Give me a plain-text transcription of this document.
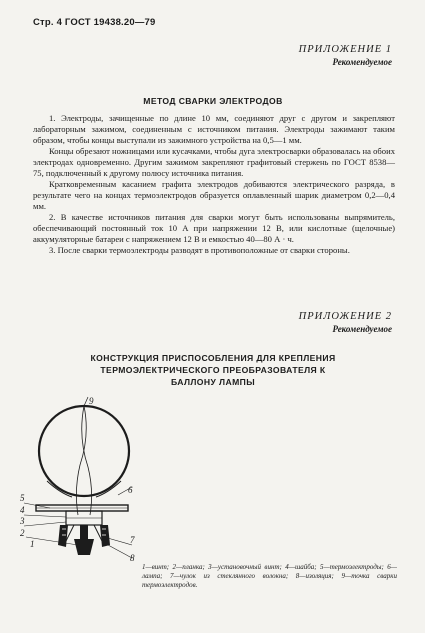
Стр. 4 ГОСТ 19438.20—79
ПРИЛОЖЕНИЕ 1
Рекомендуемое
МЕТОД СВАРКИ ЭЛЕКТРОДОВ

1. Электроды, зачищенные по длине 10 мм, соединяют друг с другом и закрепляют лабораторным зажимом, соединенным с источником питания. Электроды зажимают таким образом, чтобы концы выступали из зажимного устройства на 0,5—1 мм.

Концы обрезают ножницами или кусачками, чтобы дуга электросварки образовалась на обоих электродах одновременно. Другим зажимом закрепляют графитовый стержень по ГОСТ 8538—75, подключенный к другому полюсу источника питания.

Кратковременным касанием графита электродов добиваются электрического разряда, в результате чего на концах термоэлектродов образуется оплавленный шарик диаметром 0,2—0,4 мм.

2. В качестве источников питания для сварки могут быть использованы выпрямитель, обеспечивающий постоянный ток 10 А при напряжении 12 В, или кислотные (щелочные) аккумуляторные батареи с напряжением 12 В и емкостью 40—80 А · ч.

3. После сварки термоэлектроды разводят в противоположные от сварки стороны.

ПРИЛОЖЕНИЕ 2
Рекомендуемое
КОНСТРУКЦИЯ ПРИСПОСОБЛЕНИЯ ДЛЯ КРЕПЛЕНИЯ
ТЕРМОЭЛЕКТРИЧЕСКОГО ПРЕОБРАЗОВАТЕЛЯ К
БАЛЛОНУ ЛАМПЫ
9
5
6
4
3
2
7
8
1
1—винт; 2—планка; 3—установочный винт; 4—шайба; 5—термоэлектроды; 6—лампа; 7—чулок из стеклянного волокна; 8—изоляция; 9—точка сварки термоэлектродов.
